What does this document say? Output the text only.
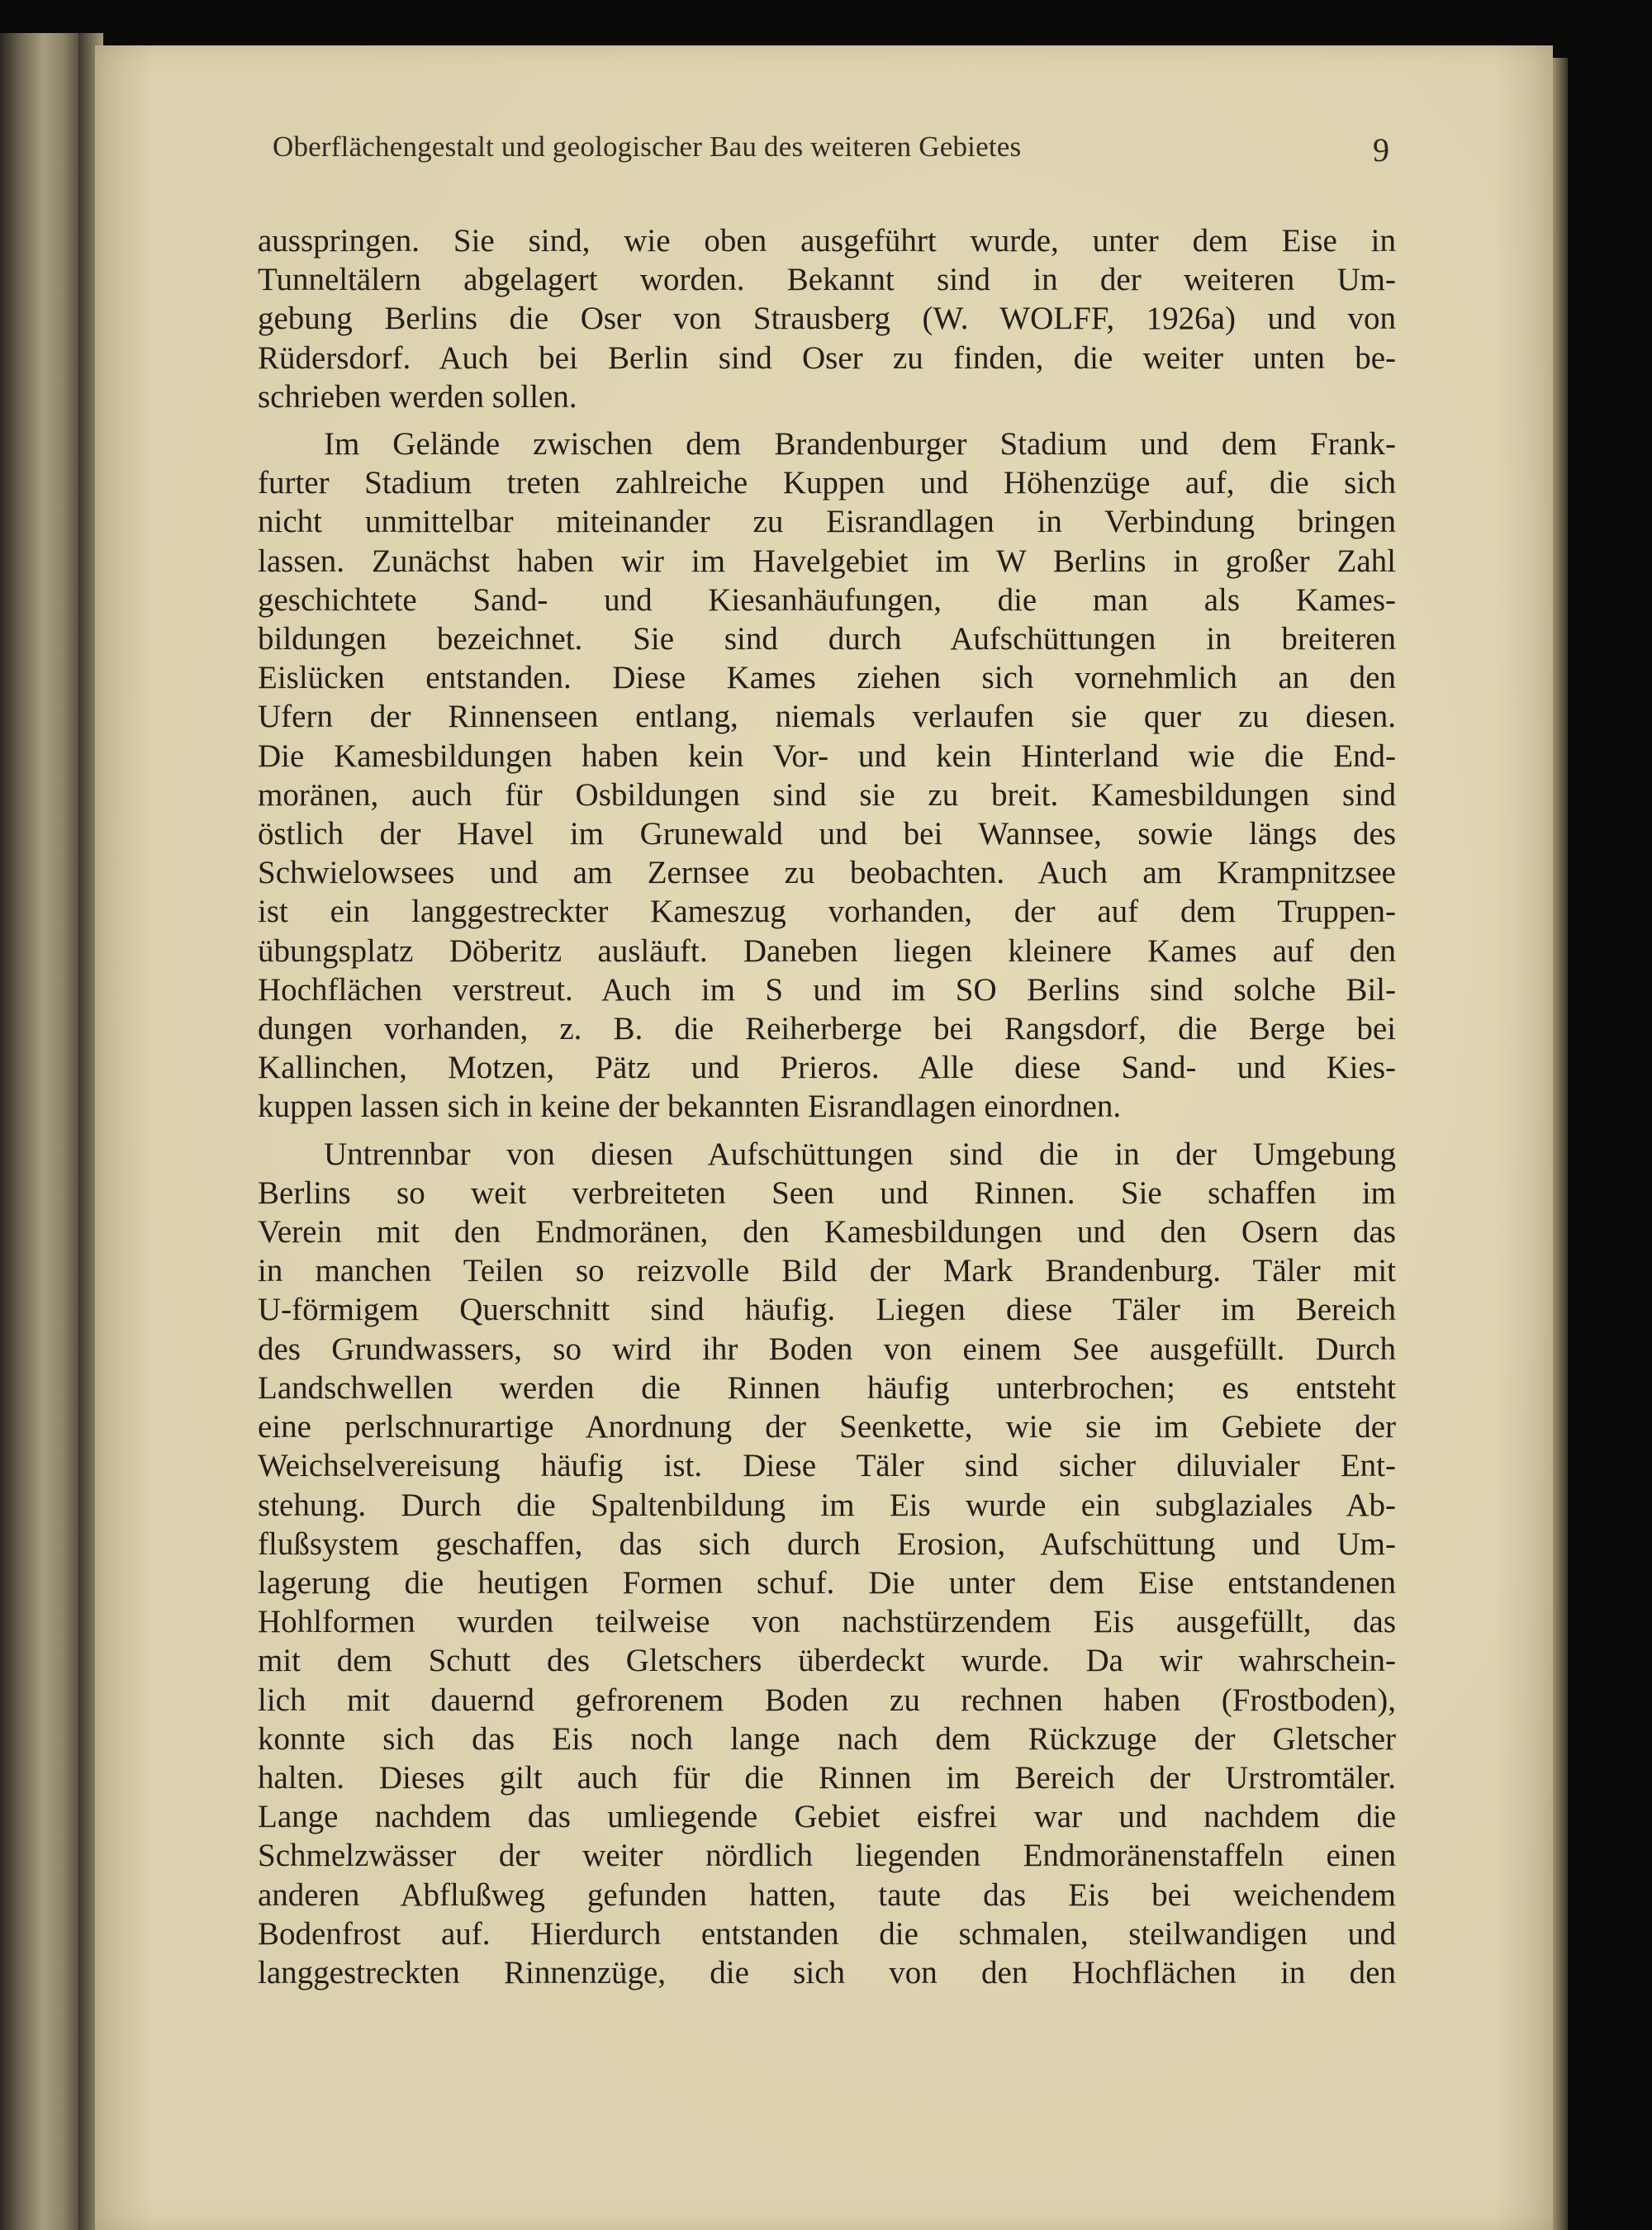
Oberflächengestalt und geologischer Bau des weiteren Gebietes	9
ausspringen. Sie sind, wie oben ausgeführt wurde, unter dem Eise in
Tunneltälern abgelagert worden. Bekannt sind in der weiteren Um-
gebung Berlins die Oser von Strausberg (W. WOLFF, 1926a) und von
Rüdersdorf. Auch bei Berlin sind Oser zu finden, die weiter unten be-
schrieben werden sollen.
Im Gelände zwischen dem Brandenburger Stadium und dem Frank-
furter Stadium treten zahlreiche Kuppen und Höhenzüge auf, die sich
nicht unmittelbar miteinander zu Eisrandlagen in Verbindung bringen
lassen. Zunächst haben wir im Havelgebiet im W Berlins in großer Zahl
geschichtete Sand- und Kiesanhäufungen, die man als Kames-
bildungen bezeichnet. Sie sind durch Aufschüttungen in breiteren
Eislücken entstanden. Diese Kames ziehen sich vornehmlich an den
Ufern der Rinnenseen entlang, niemals verlaufen sie quer zu diesen.
Die Kamesbildungen haben kein Vor- und kein Hinterland wie die End-
moränen, auch für Osbildungen sind sie zu breit. Kamesbildungen sind
östlich der Havel im Grunewald und bei Wannsee, sowie längs des
Schwielowsees und am Zernsee zu beobachten. Auch am Krampnitzsee
ist ein langgestreckter Kameszug vorhanden, der auf dem Truppen-
übungsplatz Döberitz ausläuft. Daneben liegen kleinere Kames auf den
Hochflächen verstreut. Auch im S und im SO Berlins sind solche Bil-
dungen vorhanden, z. B. die Reiherberge bei Rangsdorf, die Berge bei
Kallinchen, Motzen, Pätz und Prieros. Alle diese Sand- und Kies-
kuppen lassen sich in keine der bekannten Eisrandlagen einordnen.
Untrennbar von diesen Aufschüttungen sind die in der Umgebung
Berlins so weit verbreiteten Seen und Rinnen. Sie schaffen im
Verein mit den Endmoränen, den Kamesbildungen und den Osern das
in manchen Teilen so reizvolle Bild der Mark Brandenburg. Täler mit
U-förmigem Querschnitt sind häufig. Liegen diese Täler im Bereich
des Grundwassers, so wird ihr Boden von einem See ausgefüllt. Durch
Landschwellen werden die Rinnen häufig unterbrochen; es entsteht
eine perlschnurartige Anordnung der Seenkette, wie sie im Gebiete der
Weichselvereisung häufig ist. Diese Täler sind sicher diluvialer Ent-
stehung. Durch die Spaltenbildung im Eis wurde ein subglaziales Ab-
flußsystem geschaffen, das sich durch Erosion, Aufschüttung und Um-
lagerung die heutigen Formen schuf. Die unter dem Eise entstandenen
Hohlformen wurden teilweise von nachstürzendem Eis ausgefüllt, das
mit dem Schutt des Gletschers überdeckt wurde. Da wir wahrschein-
lich mit dauernd gefrorenem Boden zu rechnen haben (Frostboden),
konnte sich das Eis noch lange nach dem Rückzuge der Gletscher
halten. Dieses gilt auch für die Rinnen im Bereich der Urstromtäler.
Lange nachdem das umliegende Gebiet eisfrei war und nachdem die
Schmelzwässer der weiter nördlich liegenden Endmoränenstaffeln einen
anderen Abflußweg gefunden hatten, taute das Eis bei weichendem
Bodenfrost auf. Hierdurch entstanden die schmalen, steilwandigen und
langgestreckten Rinnenzüge, die sich von den Hochflächen in den
